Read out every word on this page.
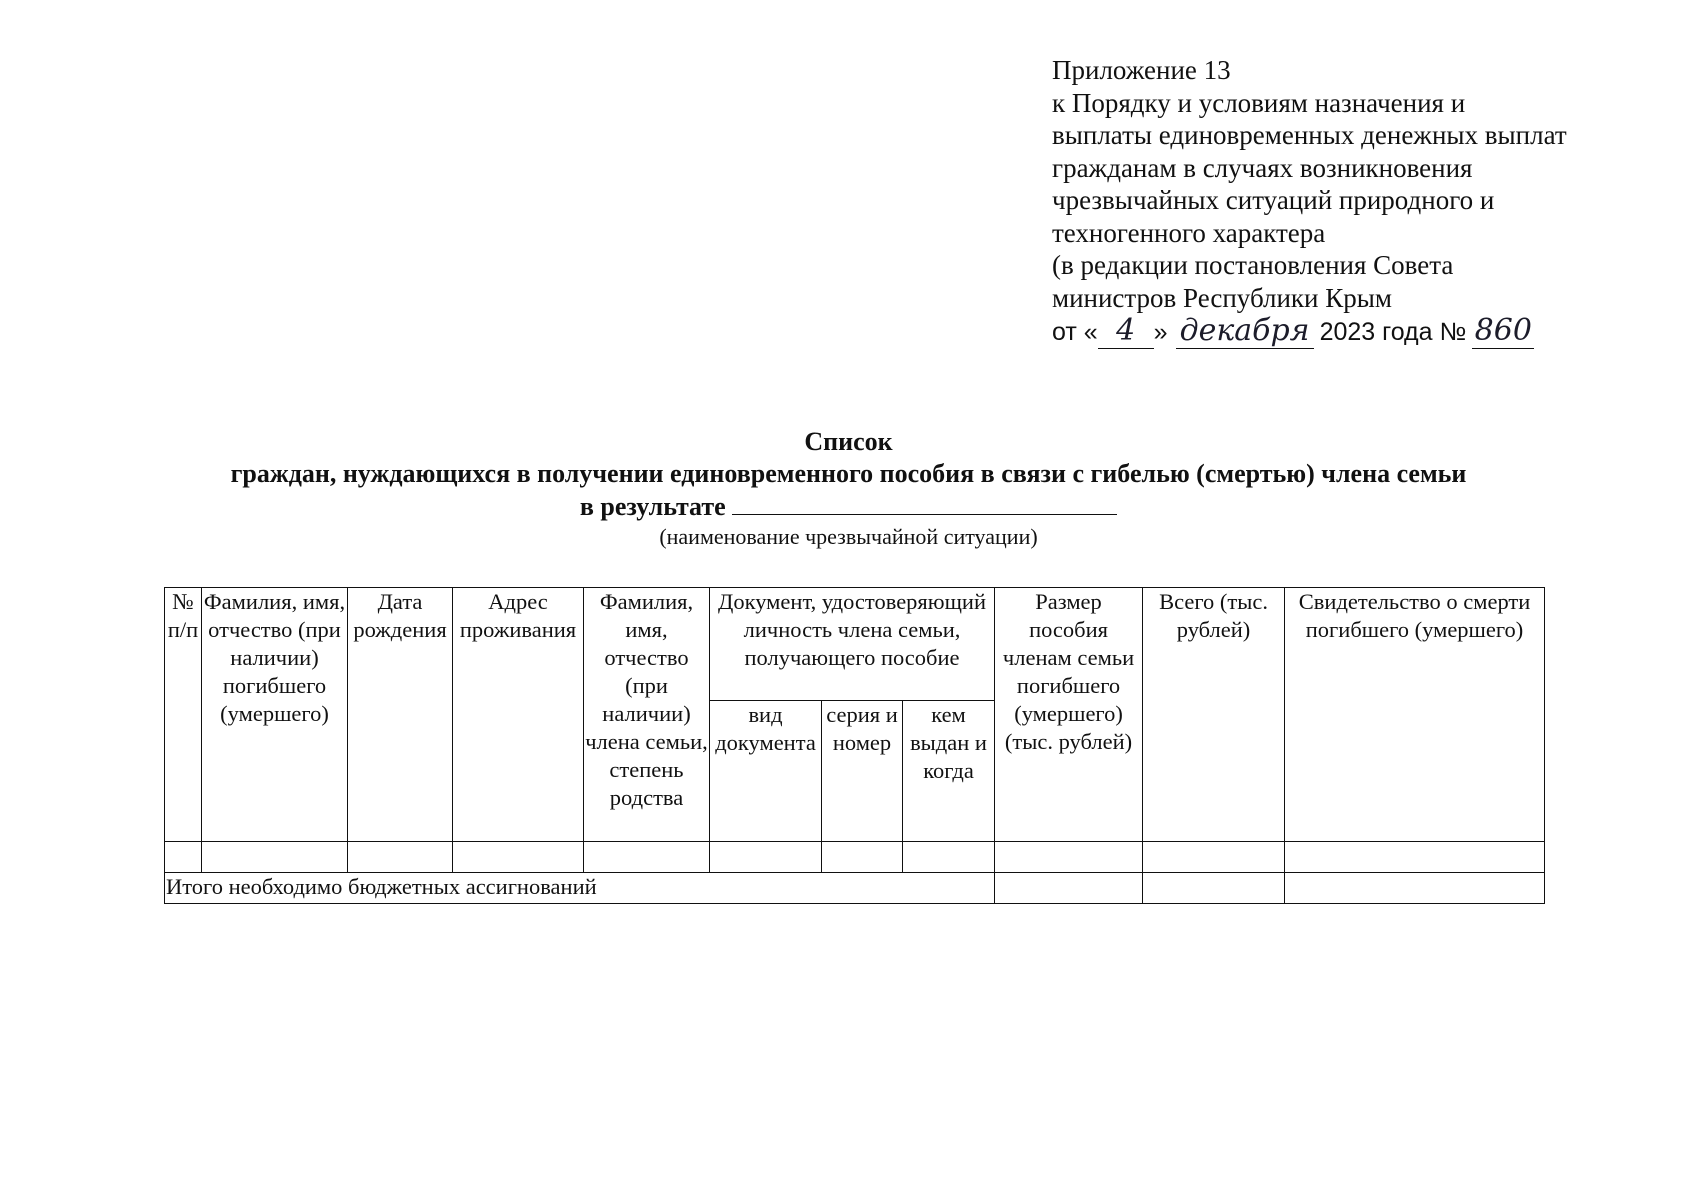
Приложение 13
к Порядку и условиям назначения и
выплаты единовременных денежных выплат
гражданам в случаях возникновения
чрезвычайных ситуаций природного и
техногенного характера
(в редакции постановления Совета
министров Республики Крым
от « 4 » декабря 2023 года № 860
Список
граждан, нуждающихся в получении единовременного пособия в связи с гибелью (смертью) члена семьи
в результате
(наименование чрезвычайной ситуации)
№ п/п	Фамилия, имя, отчество (при наличии) погибшего (умершего)	Дата рождения	Адрес проживания	Фамилия, имя, отчество (при наличии) члена семьи, степень родства	Документ, удостоверяющий личность члена семьи, получающего пособие			Размер пособия членам семьи погибшего (умершего) (тыс. рублей)	Всего (тыс. рублей)	Свидетельство о смерти погибшего (умершего)
					вид документа	серия и номер	кем выдан и когда			

Итого необходимо бюджетных ассигнований										
